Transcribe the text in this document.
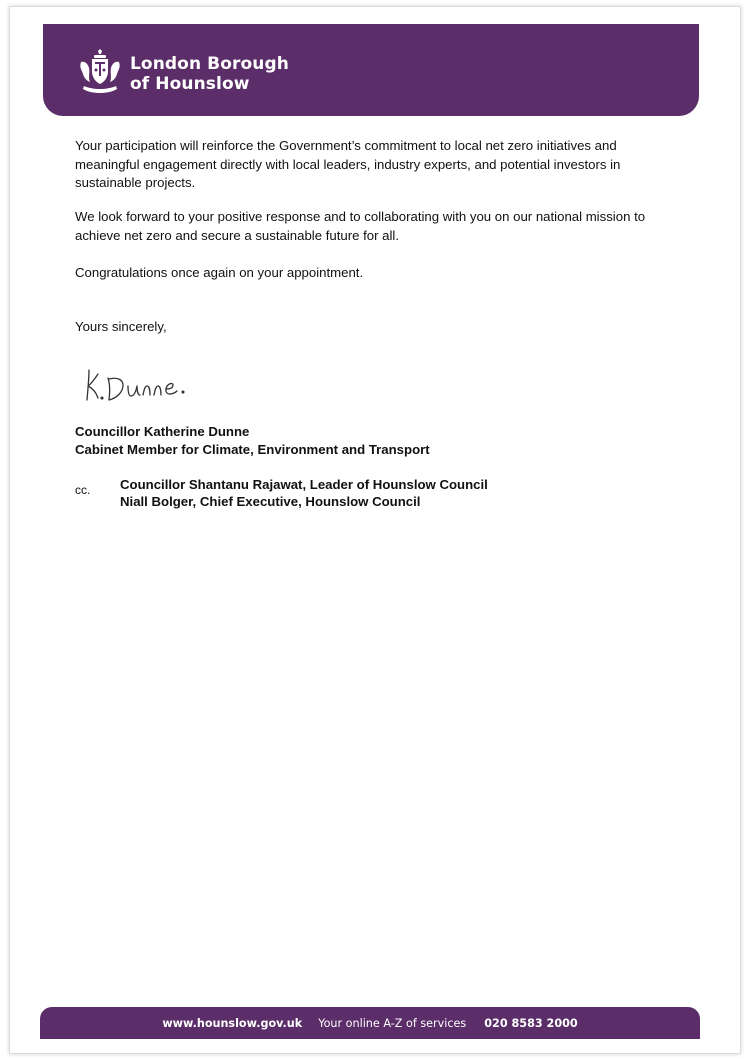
London Borough
of Hounslow

Your participation will reinforce the Government’s commitment to local net zero initiatives and meaningful engagement directly with local leaders, industry experts, and potential investors in sustainable projects.

We look forward to your positive response and to collaborating with you on our national mission to achieve net zero and secure a sustainable future for all.

Congratulations once again on your appointment.

Yours sincerely,

Councillor Katherine Dunne
Cabinet Member for Climate, Environment and Transport
cc. Councillor Shantanu Rajawat, Leader of Hounslow Council
Niall Bolger, Chief Executive, Hounslow Council
www.hounslow.gov.uk Your online A-Z of services 020 8583 2000
